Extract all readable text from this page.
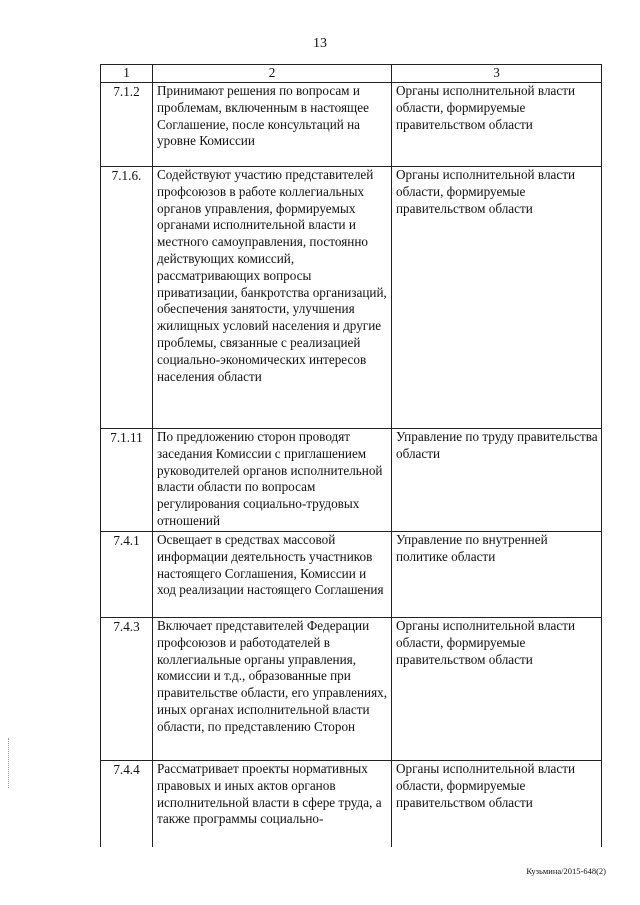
13
1	2	3
7.1.2	Принимают решения по вопросам и проблемам, включенным в настоящее Соглашение, после консультаций на уровне Комиссии	Органы исполнительной власти области, формируемые правительством области
7.1.6.	Содействуют участию представителей профсоюзов в работе коллегиальных органов управления, формируемых органами исполнительной власти и местного самоуправления, постоянно действующих комиссий, рассматривающих вопросы приватизации, банкротства организаций, обеспечения занятости, улучшения жилищных условий населения и другие проблемы, связанные с реализацией социально-экономических интересов населения области	Органы исполнительной власти области, формируемые правительством области
7.1.11	По предложению сторон проводят заседания Комиссии с приглашением руководителей органов исполнительной власти области по вопросам регулирования социально-трудовых отношений	Управление по труду правительства области
7.4.1	Освещает в средствах массовой информации деятельность участников настоящего Соглашения, Комиссии и ход реализации настоящего Соглашения	Управление по внутренней политике области
7.4.3	Включает представителей Федерации профсоюзов и работодателей в коллегиальные органы управления, комиссии и т.д., образованные при правительстве области, его управлениях, иных органах исполнительной власти области, по представлению Сторон	Органы исполнительной власти области, формируемые правительством области
7.4.4	Рассматривает проекты нормативных правовых и иных актов органов исполнительной власти в сфере труда, а также программы социально-	Органы исполнительной власти области, формируемые правительством области
Кузьмина/2015-648(2)
